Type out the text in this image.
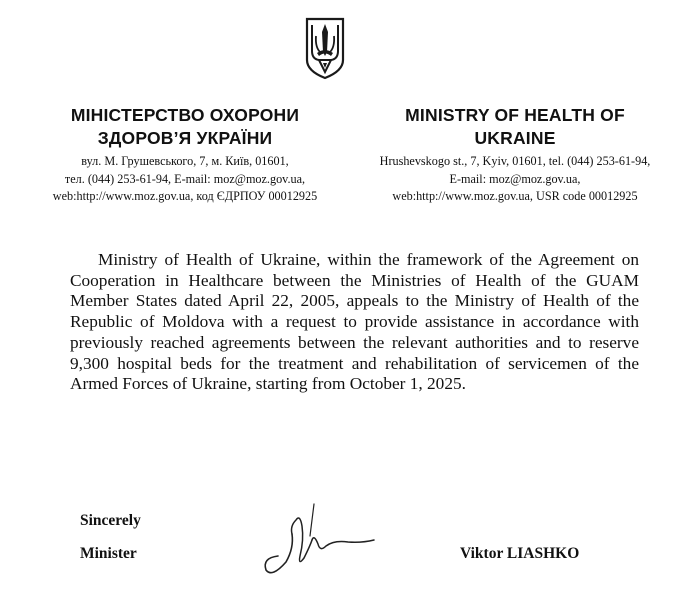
МІНІСТЕРСТВО ОХОРОНИ
ЗДОРОВ’Я УКРАЇНИ
вул. М. Грушевського, 7, м. Київ, 01601,
тел. (044) 253-61-94, E-mail: moz@moz.gov.ua,
web:http://www.moz.gov.ua, код ЄДРПОУ 00012925
MINISTRY OF HEALTH OF
UKRAINE
Hrushevskogo st., 7, Kyiv, 01601, tel. (044) 253-61-94,
E-mail: moz@moz.gov.ua,
web:http://www.moz.gov.ua, USR code 00012925

Ministry of Health of Ukraine, within the framework of the Agreement on Cooperation in Healthcare between the Ministries of Health of the GUAM Member States dated April 22, 2005, appeals to the Ministry of Health of the Republic of Moldova with a request to provide assistance in accordance with previously reached agreements between the relevant authorities and to reserve 9,300 hospital beds for the treatment and rehabilitation of servicemen of the Armed Forces of Ukraine, starting from October 1, 2025.

Sincerely
Minister	Viktor LIASHKO
